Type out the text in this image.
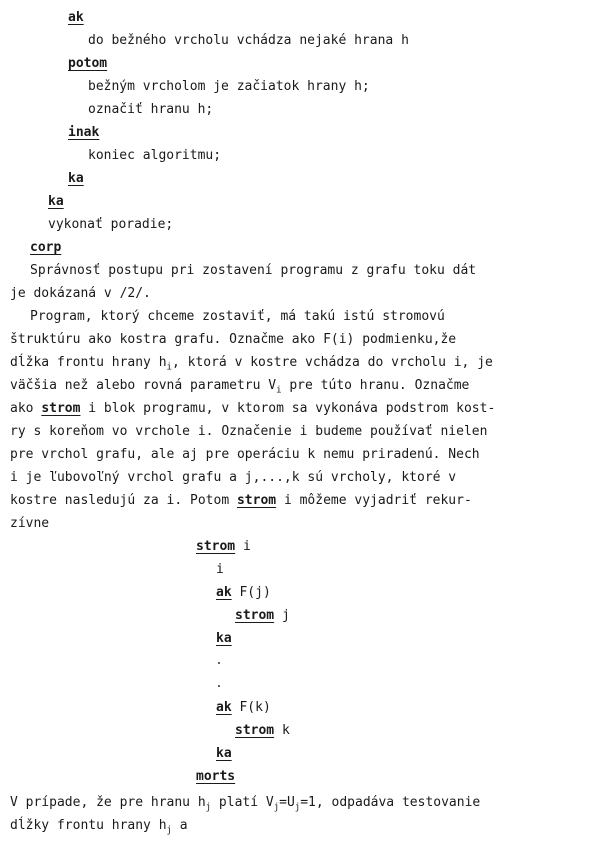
ak
do bežného vrcholu vchádza nejaké hrana h
potom
bežným vrcholom je začiatok hrany h;
označiť hranu h;
inak
koniec algoritmu;
ka
ka
vykonať poradie;
corp
Správnosť postupu pri zostavení programu z grafu toku dát
je dokázaná v /2/.
Program, ktorý chceme zostaviť, má takú istú stromovú
štruktúru ako kostra grafu. Označme ako F(i) podmienku,že
dĺžka frontu hrany $h_i$, ktorá v kostre vchádza do vrcholu i, je
väčšia než alebo rovná parametru $V_i$ pre túto hranu. Označme
ako strom i blok programu, v ktorom sa vykonáva podstrom kost-
ry s koreňom vo vrchole i. Označenie i budeme používať nielen
pre vrchol grafu, ale aj pre operáciu k nemu priradenú. Nech
i je ľubovoľný vrchol grafu a j,...,k sú vrcholy, ktoré v
kostre nasledujú za i. Potom strom i môžeme vyjadriť rekur-
zívne
strom i
i
ak F(j)
strom j
ka
ak F(k)
strom k
ka
morts
V prípade, že pre hranu $h_j$ platí $V_j=U_j=1$, odpadáva testovanie
dĺžky frontu hrany $h_j$ a
